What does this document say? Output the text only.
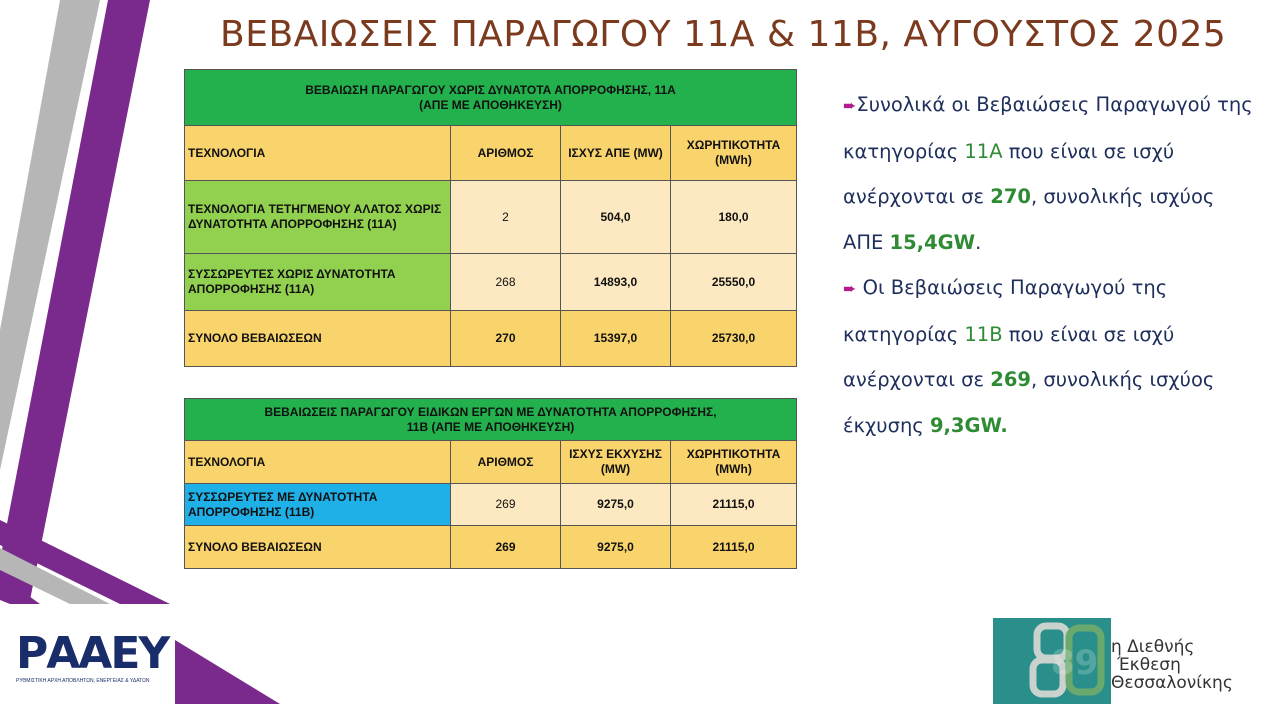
ΒΕΒΑΙΩΣΕΙΣ ΠΑΡΑΓΩΓΟΥ 11Α & 11Β, ΑΥΓΟΥΣΤΟΣ 2025
ΒΕΒΑΙΩΣΗ ΠΑΡΑΓΩΓΟΥ ΧΩΡΙΣ ΔΥΝΑΤΟΤΑ ΑΠΟΡΡΟΦΗΣΗΣ, 11Α
(ΑΠΕ ΜΕ ΑΠΟΘΗΚΕΥΣΗ)			

ΤΕΧΝΟΛΟΓΙΑ	ΑΡΙΘΜΟΣ	ΙΣΧΥΣ ΑΠΕ (MW)	ΧΩΡΗΤΙΚΟΤΗΤΑ (MWh)
ΤΕΧΝΟΛΟΓΙΑ ΤΕΤΗΓΜΕΝΟΥ ΑΛΑΤΟΣ ΧΩΡΙΣ ΔΥΝΑΤΟΤΗΤΑ ΑΠΟΡΡΟΦΗΣΗΣ (11Α)	2	504,0	180,0
ΣΥΣΣΩΡΕΥΤΕΣ ΧΩΡΙΣ ΔΥΝΑΤΟΤΗΤΑ ΑΠΟΡΡΟΦΗΣΗΣ (11Α)	268	14893,0	25550,0
ΣΥΝΟΛΟ ΒΕΒΑΙΩΣΕΩΝ	270	15397,0	25730,0
ΒΕΒΑΙΩΣΕΙΣ ΠΑΡΑΓΩΓΟΥ ΕΙΔΙΚΩΝ ΕΡΓΩΝ ΜΕ ΔΥΝΑΤΟΤΗΤΑ ΑΠΟΡΡΟΦΗΣΗΣ,
11Β (ΑΠΕ ΜΕ ΑΠΟΘΗΚΕΥΣΗ)			

ΤΕΧΝΟΛΟΓΙΑ	ΑΡΙΘΜΟΣ	ΙΣΧΥΣ ΕΚΧΥΣΗΣ (MW)	ΧΩΡΗΤΙΚΟΤΗΤΑ (MWh)
ΣΥΣΣΩΡΕΥΤΕΣ ΜΕ ΔΥΝΑΤΟΤΗΤΑ ΑΠΟΡΡΟΦΗΣΗΣ (11Β)	269	9275,0	21115,0
ΣΥΝΟΛΟ ΒΕΒΑΙΩΣΕΩΝ	269	9275,0	21115,0

➨Συνολικά οι Βεβαιώσεις Παραγωγού της κατηγορίας 11Α που είναι σε ισχύ ανέρχονται σε 270, συνολικής ισχύος ΑΠΕ 15,4GW.

➨ Οι Βεβαιώσεις Παραγωγού της κατηγορίας 11Β που είναι σε ισχύ ανέρχονται σε 269, συνολικής ισχύος έκχυσης 9,3GW.

ΡΑΑΕΥ
ΡΥΘΜΙΣΤΙΚΗ ΑΡΧΗ ΑΠΟΒΛΗΤΩΝ, ΕΝΕΡΓΕΙΑΣ & ΥΔΑΤΩΝ	89 η Διεθνής
Έκθεση
Θεσσαλονίκης
